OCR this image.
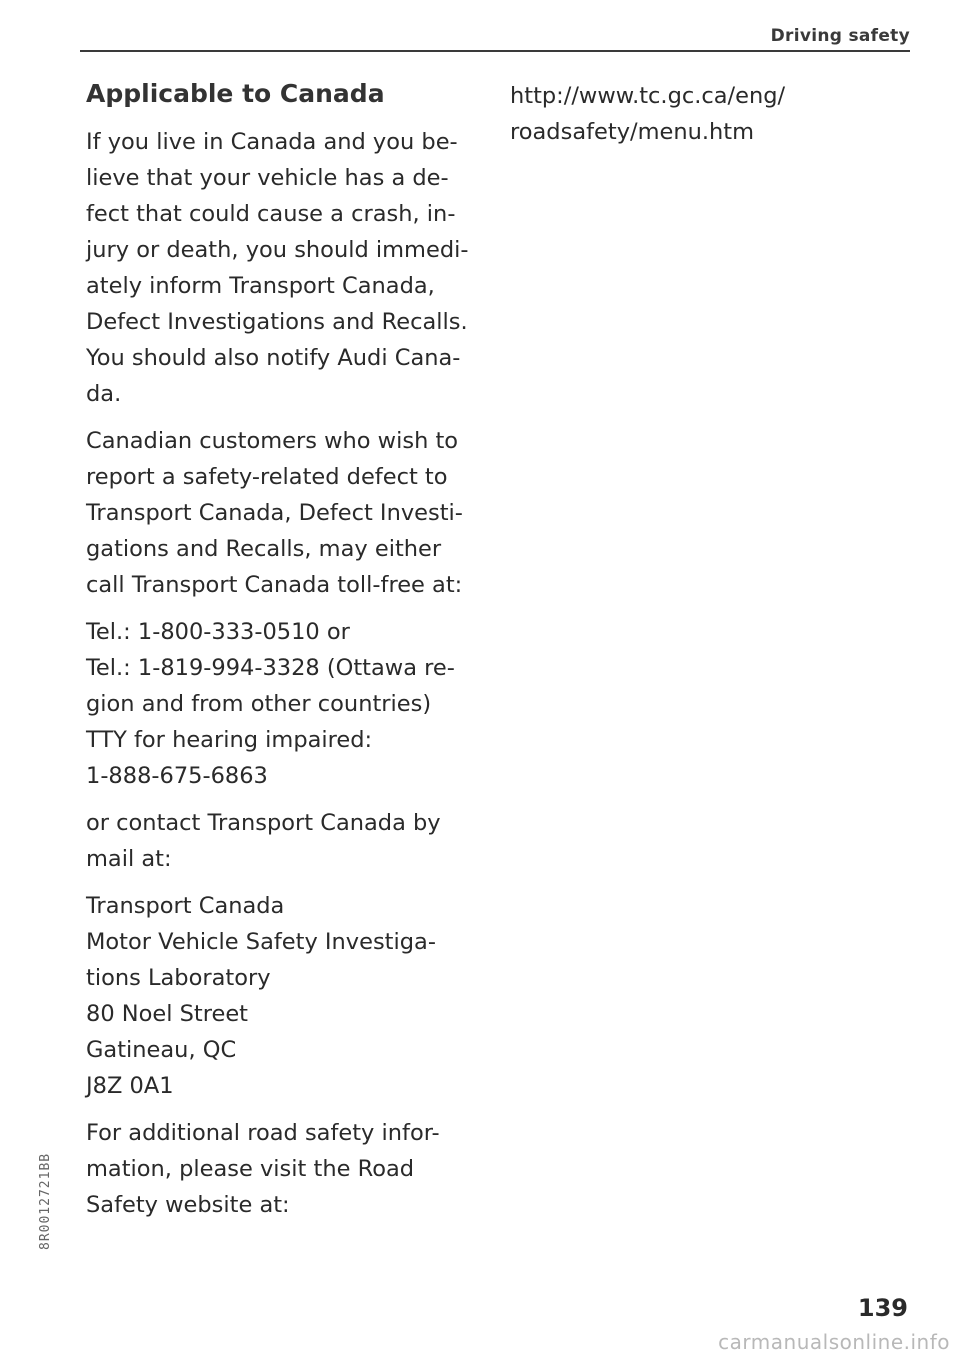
Driving safety
Applicable to Canada

If you live in Canada and you be-
lieve that your vehicle has a de-
fect that could cause a crash, in-
jury or death, you should immedi-
ately inform Transport Canada,
Defect Investigations and Recalls.
You should also notify Audi Cana-
da.

Canadian customers who wish to
report a safety-related defect to
Transport Canada, Defect Investi-
gations and Recalls, may either
call Transport Canada toll-free at:

Tel.: 1-800-333-0510 or
Tel.: 1-819-994-3328 (Ottawa re-
gion and from other countries)
TTY for hearing impaired:
1-888-675-6863

or contact Transport Canada by
mail at:

Transport Canada
Motor Vehicle Safety Investiga-
tions Laboratory
80 Noel Street
Gatineau, QC
J8Z 0A1

For additional road safety infor-
mation, please visit the Road
Safety website at:

http://www.tc.gc.ca/eng/
roadsafety/menu.htm

8R0012721BB
139
carmanualsonline.info
